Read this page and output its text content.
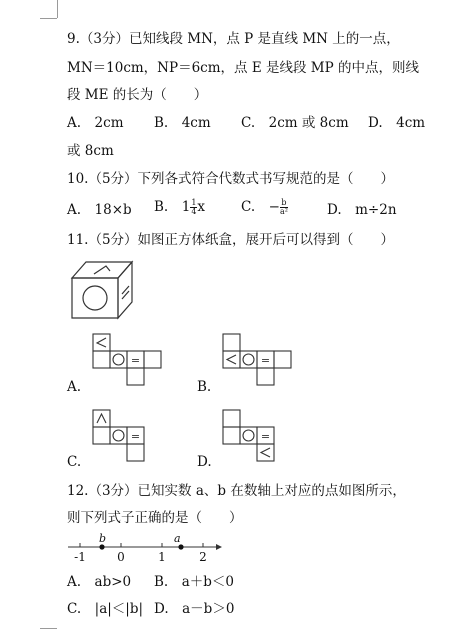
9.（3分）已知线段 MN，点 P 是直线 MN 上的一点，
MN＝10cm，NP＝6cm，点 E 是线段 MP 的中点，则线
段 ME 的长为（　　）
A.　2cm B.　4cm C.　2cm 或 8cm D.　4cm
或 8cm
10.（5分）下列各式符合代数式书写规范的是（　　）
A.　18×b B.　$1 \frac{1}{4}$ x	C.　− $\frac{b}{\text{a²}}$	D.　m÷2n
11.（5分）如图正方体纸盒，展开后可以得到（　　）
=
A.
=
B.
=
C.
=
D.
12.（3分）已知实数 a、b 在数轴上对应的点如图所示，
则下列式子正确的是（　　）
b	a
-1	0	1	2
A.　ab>0 B.　a＋b＜0
C.　|a|＜|b| D.　a－b＞0
